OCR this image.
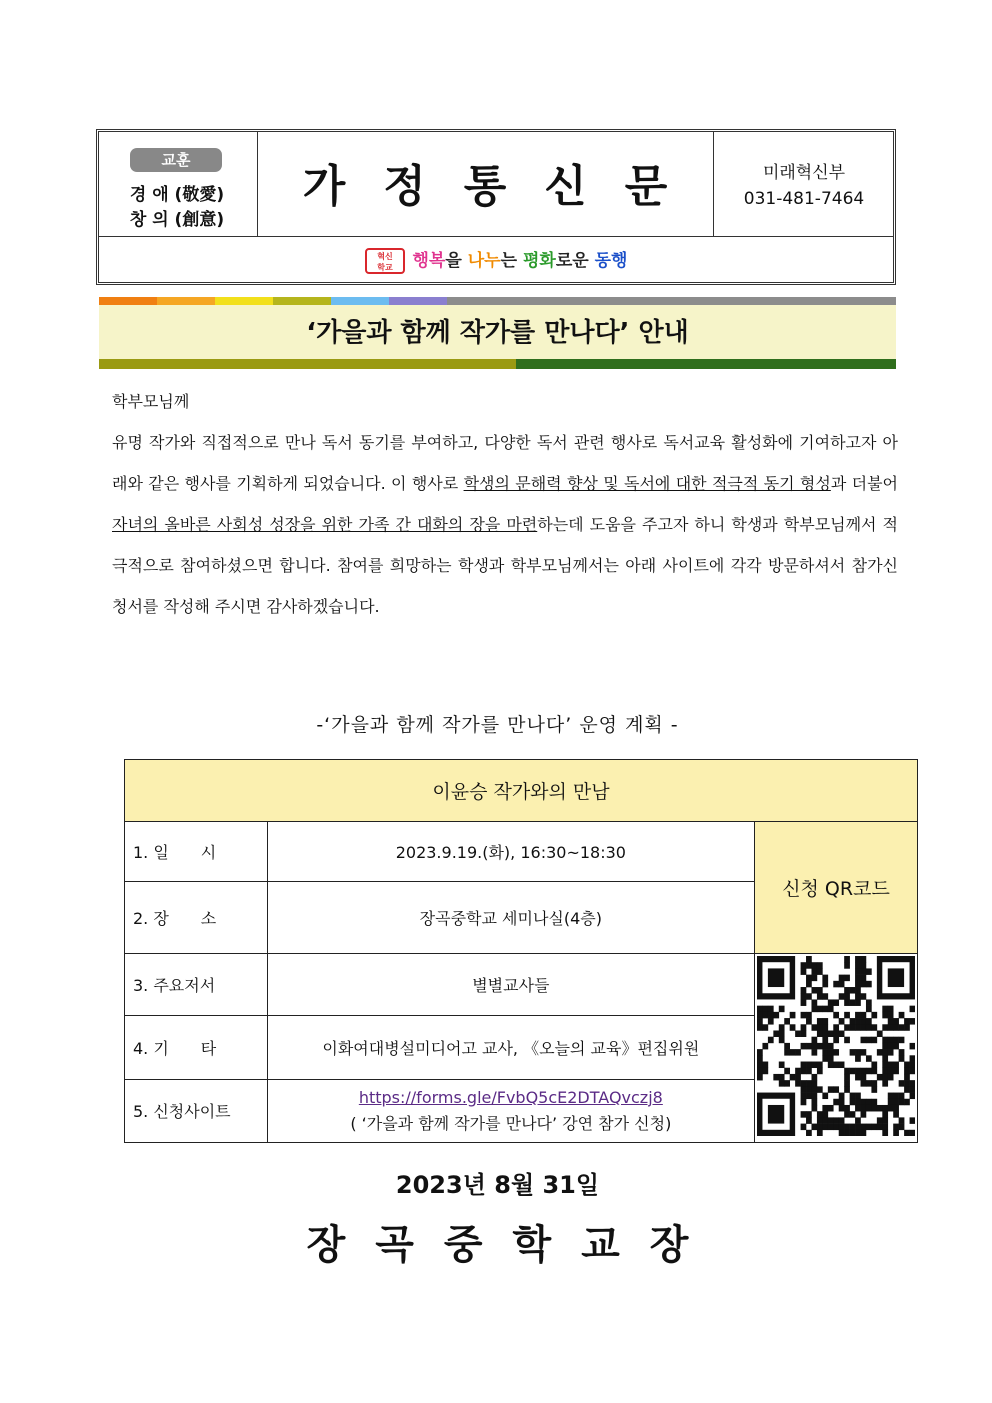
교훈
경 애 (敬愛)
창 의 (創意)
가정통신문	미래혁신부
031-481-7464
혁신
학교 행복을 나누는 평화로운 동행
‘가을과 함께 작가를 만나다’ 안내
학부모님께
유명 작가와 직접적으로 만나 독서 동기를 부여하고, 다양한 독서 관련 행사로 독서교육 활성화에 기여하고자 아래와 같은 행사를 기획하게 되었습니다. 이 행사로 학생의 문해력 향상 및 독서에 대한 적극적 동기 형성과 더불어 자녀의 올바른 사회성 성장을 위한 가족 간 대화의 장을 마련하는데 도움을 주고자 하니 학생과 학부모님께서 적극적으로 참여하셨으면 합니다. 참여를 희망하는 학생과 학부모님께서는 아래 사이트에 각각 방문하셔서 참가신청서를 작성해 주시면 감사하겠습니다.
-‘가을과 함께 작가를 만나다’ 운영 계획 -
이윤승 작가와의 만남		
1. 일　　시	2023.9.19.(화), 16:30~18:30	신청 QR코드
2. 장　　소	장곡중학교 세미나실(4층)	
3. 주요저서	별별교사들	
4. 기　　타	이화여대병설미디어고 교사, 《오늘의 교육》편집위원	
5. 신청사이트	https://forms.gle/FvbQ5cE2DTAQvczj8
( ‘가을과 함께 작가를 만나다’ 강연 참가 신청)	
2023년 8월 31일
장곡중학교장
